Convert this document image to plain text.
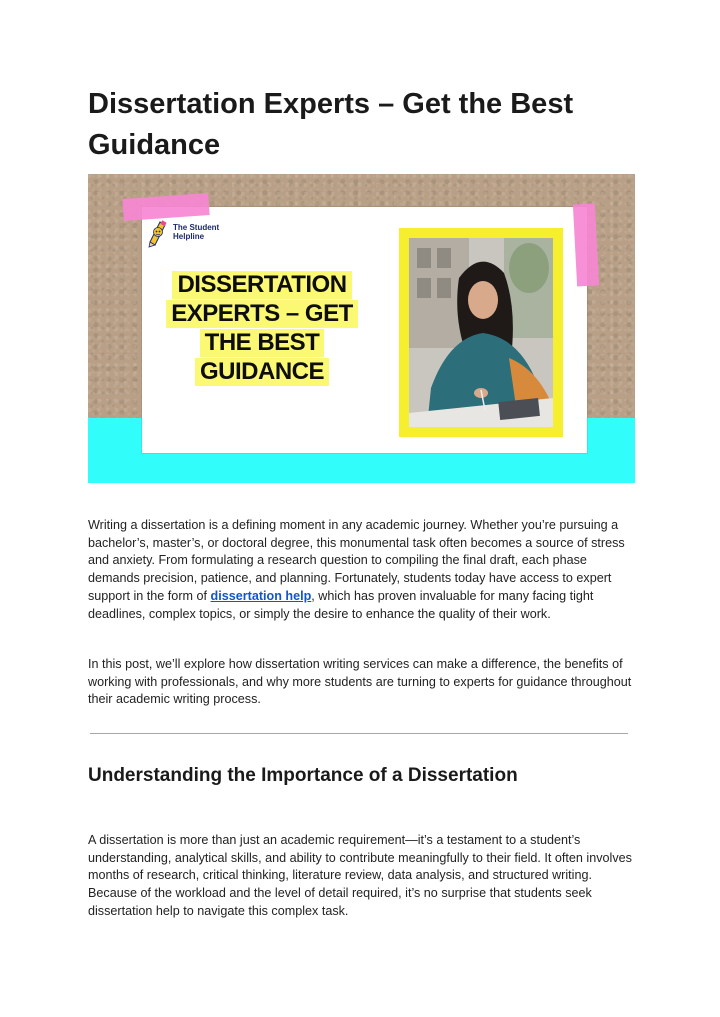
Dissertation Experts – Get the Best Guidance
The Student
Helpline
DISSERTATION
EXPERTS – GET
THE BEST
GUIDANCE

Writing a dissertation is a defining moment in any academic journey. Whether you’re pursuing a bachelor’s, master’s, or doctoral degree, this monumental task often becomes a source of stress and anxiety. From formulating a research question to compiling the final draft, each phase demands precision, patience, and planning. Fortunately, students today have access to expert support in the form of dissertation help, which has proven invaluable for many facing tight deadlines, complex topics, or simply the desire to enhance the quality of their work.

In this post, we’ll explore how dissertation writing services can make a difference, the benefits of working with professionals, and why more students are turning to experts for guidance throughout their academic writing process.

Understanding the Importance of a Dissertation

A dissertation is more than just an academic requirement—it’s a testament to a student’s understanding, analytical skills, and ability to contribute meaningfully to their field. It often involves months of research, critical thinking, literature review, data analysis, and structured writing. Because of the workload and the level of detail required, it’s no surprise that students seek dissertation help to navigate this complex task.
